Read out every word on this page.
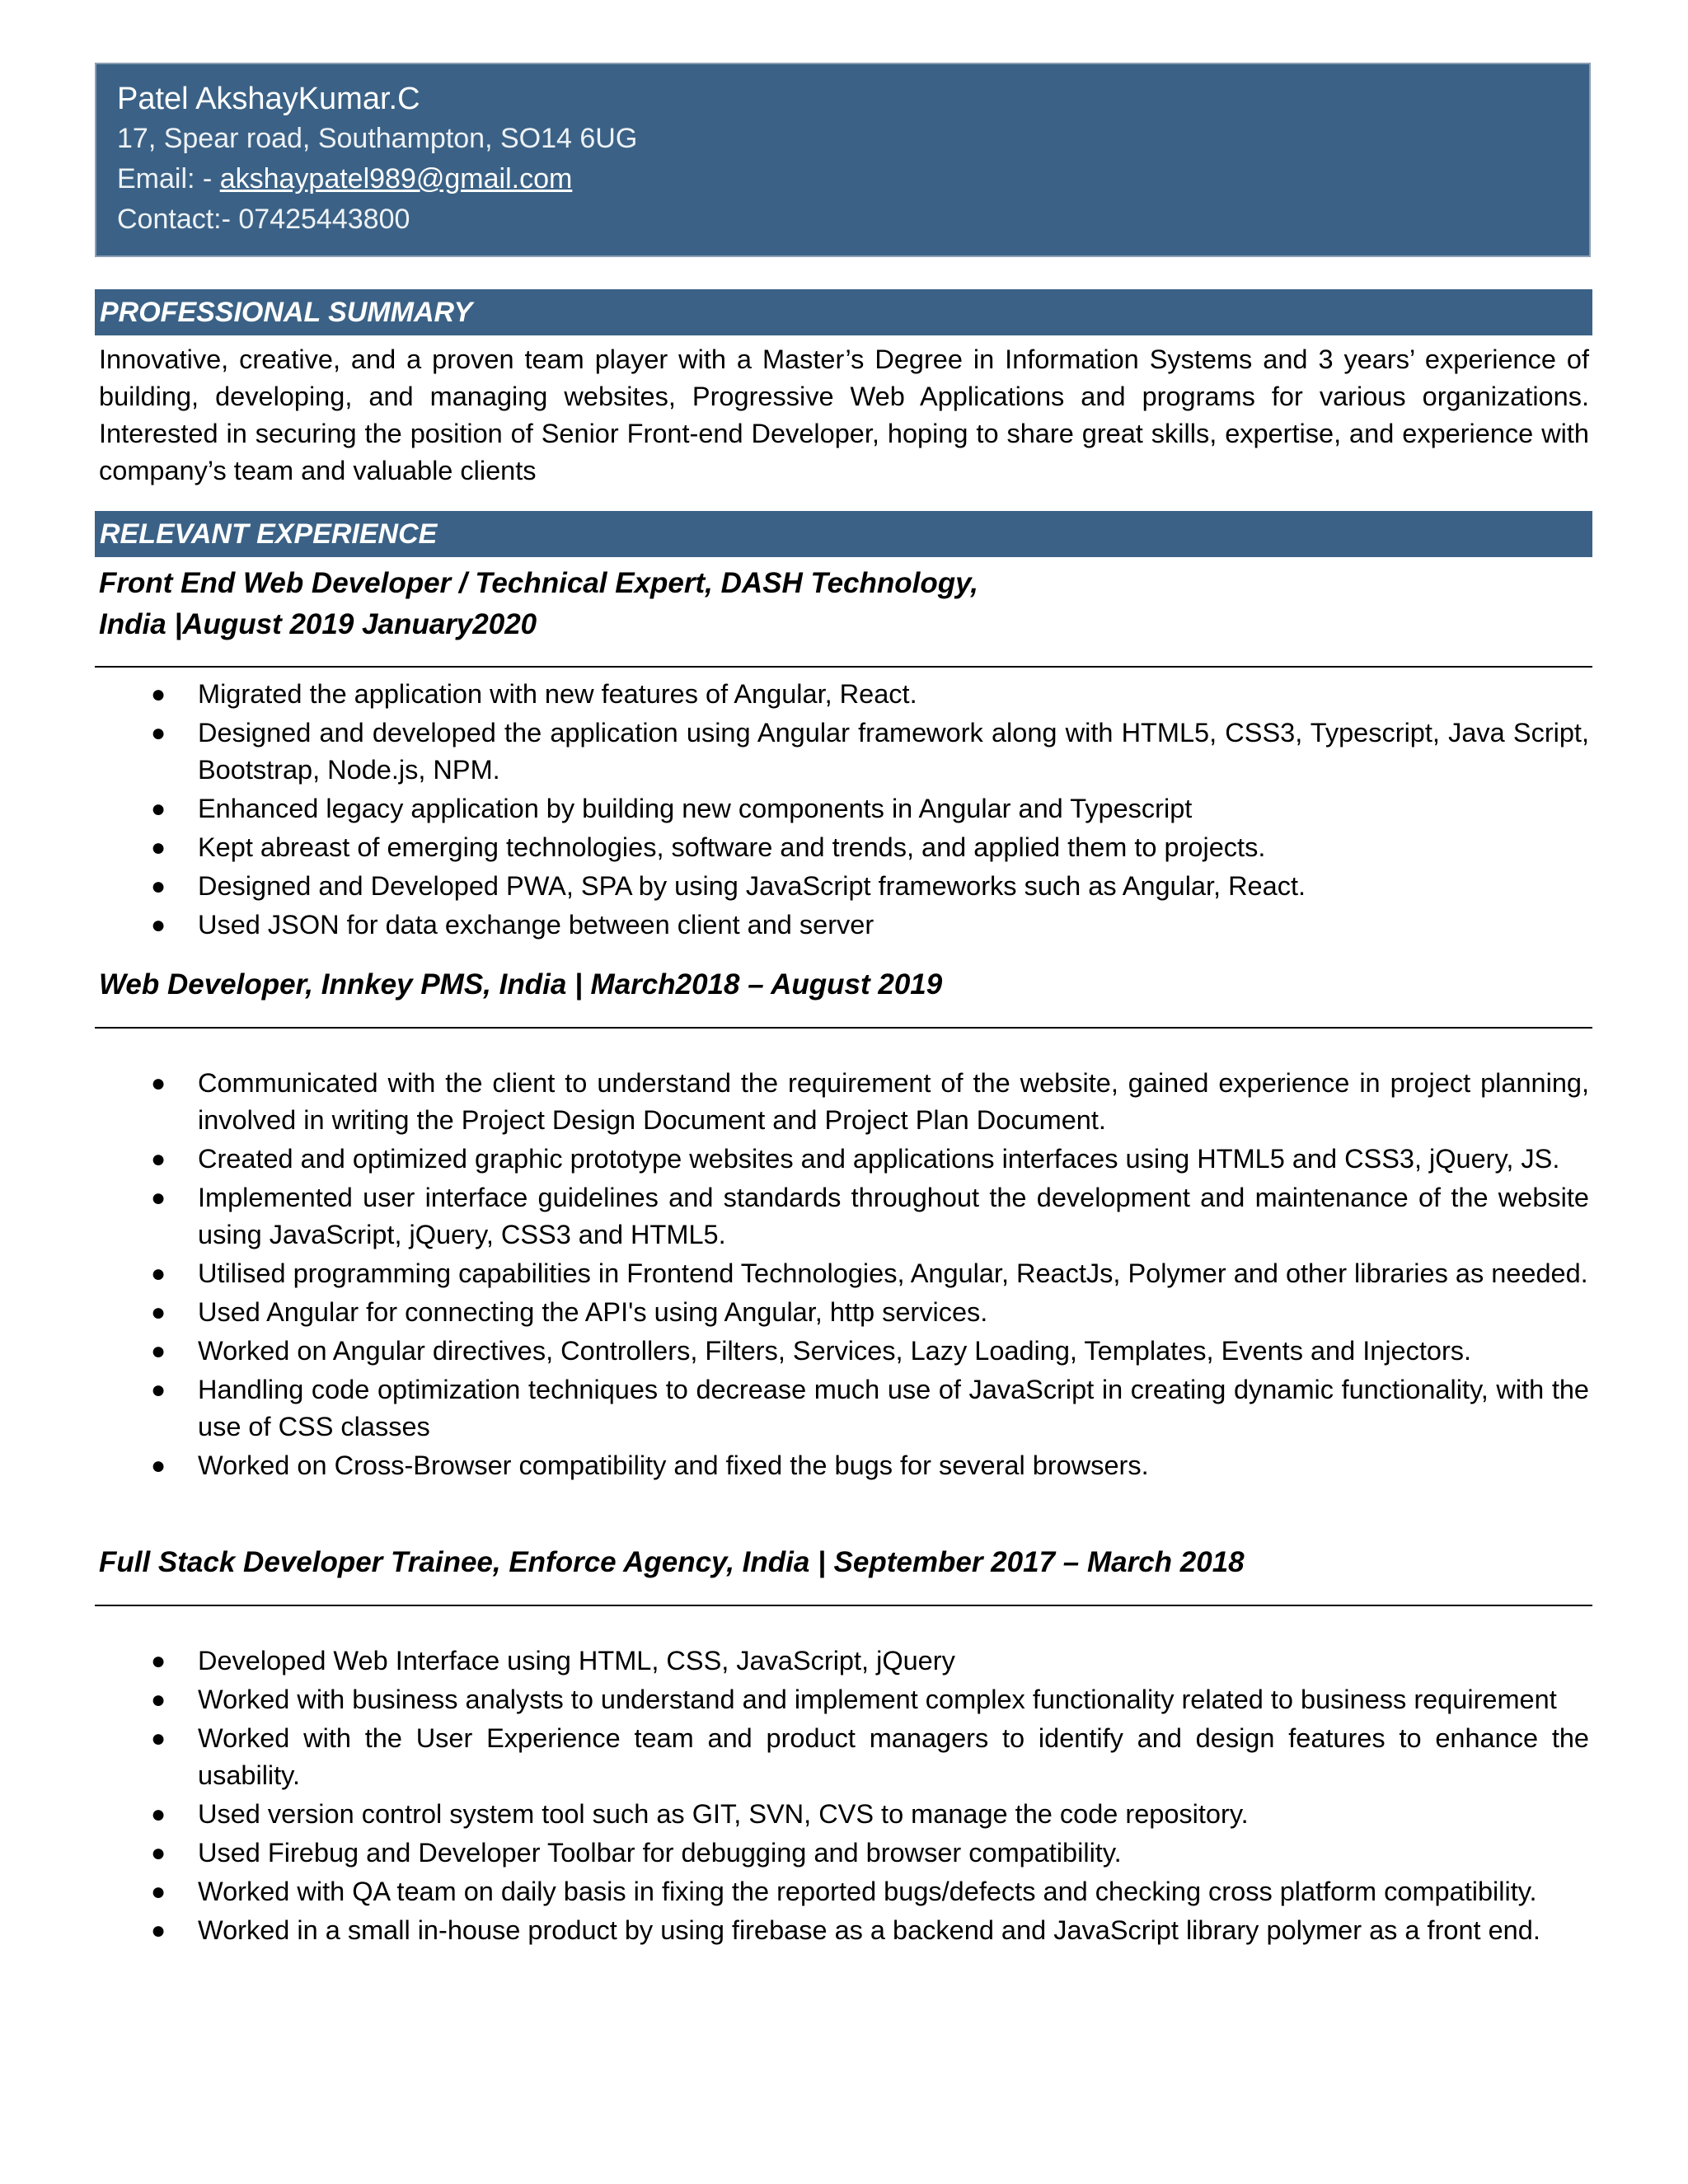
Patel AkshayKumar.C
17, Spear road, Southampton, SO14 6UG
Email: - akshaypatel989@gmail.com
Contact:- 07425443800
PROFESSIONAL SUMMARY
Innovative, creative, and a proven team player with a Master’s Degree in Information Systems and 3 years’ experience of building, developing, and managing websites, Progressive Web Applications and programs for various organizations. Interested in securing the position of Senior Front-end Developer, hoping to share great skills, expertise, and experience with company’s team and valuable clients
RELEVANT EXPERIENCE
Front End Web Developer / Technical Expert, DASH Technology,
India |August 2019 January2020
● Migrated the application with new features of Angular, React.
● Designed and developed the application using Angular framework along with HTML5, CSS3, Typescript, Java Script, Bootstrap, Node.js, NPM.
● Enhanced legacy application by building new components in Angular and Typescript
● Kept abreast of emerging technologies, software and trends, and applied them to projects.
● Designed and Developed PWA, SPA by using JavaScript frameworks such as Angular, React.
● Used JSON for data exchange between client and server
Web Developer, Innkey PMS, India | March2018 – August 2019
● Communicated with the client to understand the requirement of the website, gained experience in project planning, involved in writing the Project Design Document and Project Plan Document.
● Created and optimized graphic prototype websites and applications interfaces using HTML5 and CSS3, jQuery, JS.
● Implemented user interface guidelines and standards throughout the development and maintenance of the website using JavaScript, jQuery, CSS3 and HTML5.
● Utilised programming capabilities in Frontend Technologies, Angular, ReactJs, Polymer and other libraries as needed.
● Used Angular for connecting the API's using Angular, http services.
● Worked on Angular directives, Controllers, Filters, Services, Lazy Loading, Templates, Events and Injectors.
● Handling code optimization techniques to decrease much use of JavaScript in creating dynamic functionality, with the use of CSS classes
● Worked on Cross-Browser compatibility and fixed the bugs for several browsers.
Full Stack Developer Trainee, Enforce Agency, India | September 2017 – March 2018
● Developed Web Interface using HTML, CSS, JavaScript, jQuery
● Worked with business analysts to understand and implement complex functionality related to business requirement
● Worked with the User Experience team and product managers to identify and design features to enhance the usability.
● Used version control system tool such as GIT, SVN, CVS to manage the code repository.
● Used Firebug and Developer Toolbar for debugging and browser compatibility.
● Worked with QA team on daily basis in fixing the reported bugs/defects and checking cross platform compatibility.
● Worked in a small in-house product by using firebase as a backend and JavaScript library polymer as a front end.
